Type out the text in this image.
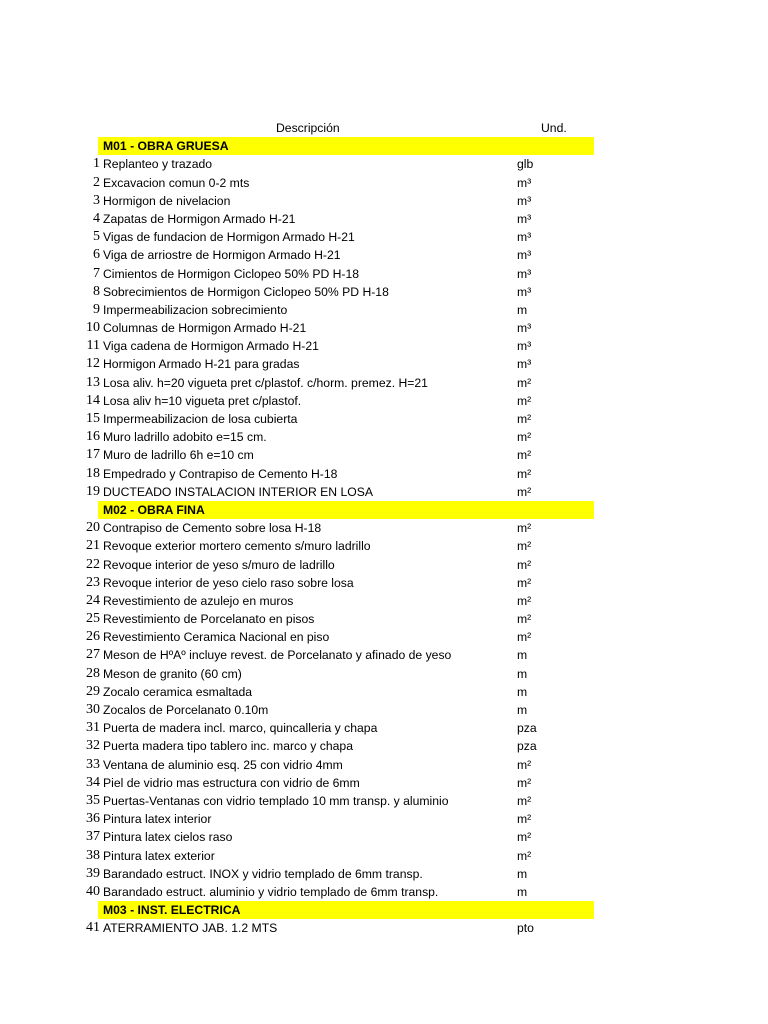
Descripción	Und.
M01 - OBRA GRUESA
1 Replanteo y trazado	glb
2 Excavacion comun 0-2 mts	m³
3 Hormigon de nivelacion	m³
4 Zapatas de Hormigon Armado H-21	m³
5 Vigas de fundacion de Hormigon Armado H-21	m³
6 Viga de arriostre de Hormigon Armado H-21	m³
7 Cimientos de Hormigon Ciclopeo 50% PD H-18	m³
8 Sobrecimientos de Hormigon Ciclopeo 50% PD H-18	m³
9 Impermeabilizacion sobrecimiento	m
10 Columnas de Hormigon Armado H-21	m³
11 Viga cadena de Hormigon Armado H-21	m³
12 Hormigon Armado H-21 para gradas	m³
13 Losa aliv. h=20 vigueta pret c/plastof. c/horm. premez. H=21	m²
14 Losa aliv h=10 vigueta pret c/plastof.	m²
15 Impermeabilizacion de losa cubierta	m²
16 Muro ladrillo adobito e=15 cm.	m²
17 Muro de ladrillo 6h e=10 cm	m²
18 Empedrado y Contrapiso de Cemento H-18	m²
19 DUCTEADO INSTALACION INTERIOR EN LOSA	m²
M02 - OBRA FINA
20 Contrapiso de Cemento sobre losa H-18	m²
21 Revoque exterior mortero cemento s/muro ladrillo	m²
22 Revoque interior de yeso s/muro de ladrillo	m²
23 Revoque interior de yeso cielo raso sobre losa	m²
24 Revestimiento de azulejo en muros	m²
25 Revestimiento de Porcelanato en pisos	m²
26 Revestimiento Ceramica Nacional en piso	m²
27 Meson de HºAº incluye revest. de Porcelanato y afinado de yeso	m
28 Meson de granito (60 cm)	m
29 Zocalo ceramica esmaltada	m
30 Zocalos de Porcelanato 0.10m	m
31 Puerta de madera incl. marco, quincalleria y chapa	pza
32 Puerta madera tipo tablero inc. marco y chapa	pza
33 Ventana de aluminio esq. 25 con vidrio 4mm	m²
34 Piel de vidrio mas estructura con vidrio de 6mm	m²
35 Puertas-Ventanas con vidrio templado 10 mm transp. y aluminio	m²
36 Pintura latex interior	m²
37 Pintura latex cielos raso	m²
38 Pintura latex exterior	m²
39 Barandado estruct. INOX y vidrio templado de 6mm transp.	m
40 Barandado estruct. aluminio y vidrio templado de 6mm transp.	m
M03 - INST. ELECTRICA
41 ATERRAMIENTO JAB. 1.2 MTS	pto
